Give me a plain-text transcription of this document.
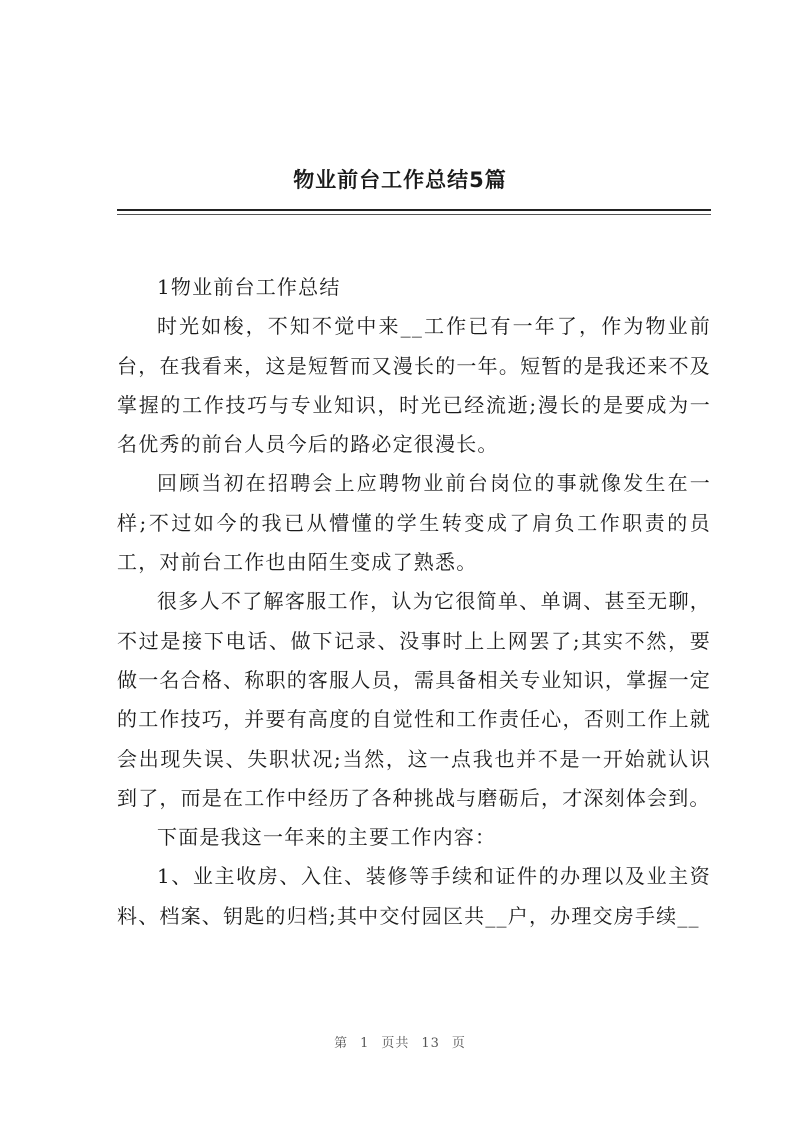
物业前台工作总结5篇

1物业前台工作总结

时光如梭，不知不觉中来__工作已有一年了，作为物业前台，在我看来，这是短暂而又漫长的一年。短暂的是我还来不及掌握的工作技巧与专业知识，时光已经流逝;漫长的是要成为一名优秀的前台人员今后的路必定很漫长。

回顾当初在招聘会上应聘物业前台岗位的事就像发生在一样;不过如今的我已从懵懂的学生转变成了肩负工作职责的员工，对前台工作也由陌生变成了熟悉。

很多人不了解客服工作，认为它很简单、单调、甚至无聊，不过是接下电话、做下记录、没事时上上网罢了;其实不然，要做一名合格、称职的客服人员，需具备相关专业知识，掌握一定的工作技巧，并要有高度的自觉性和工作责任心，否则工作上就会出现失误、失职状况;当然，这一点我也并不是一开始就认识到了，而是在工作中经历了各种挑战与磨砺后，才深刻体会到。

下面是我这一年来的主要工作内容：

1、业主收房、入住、装修等手续和证件的办理以及业主资料、档案、钥匙的归档;其中交付园区共__户，办理交房手续__

第 1 页共 13 页
